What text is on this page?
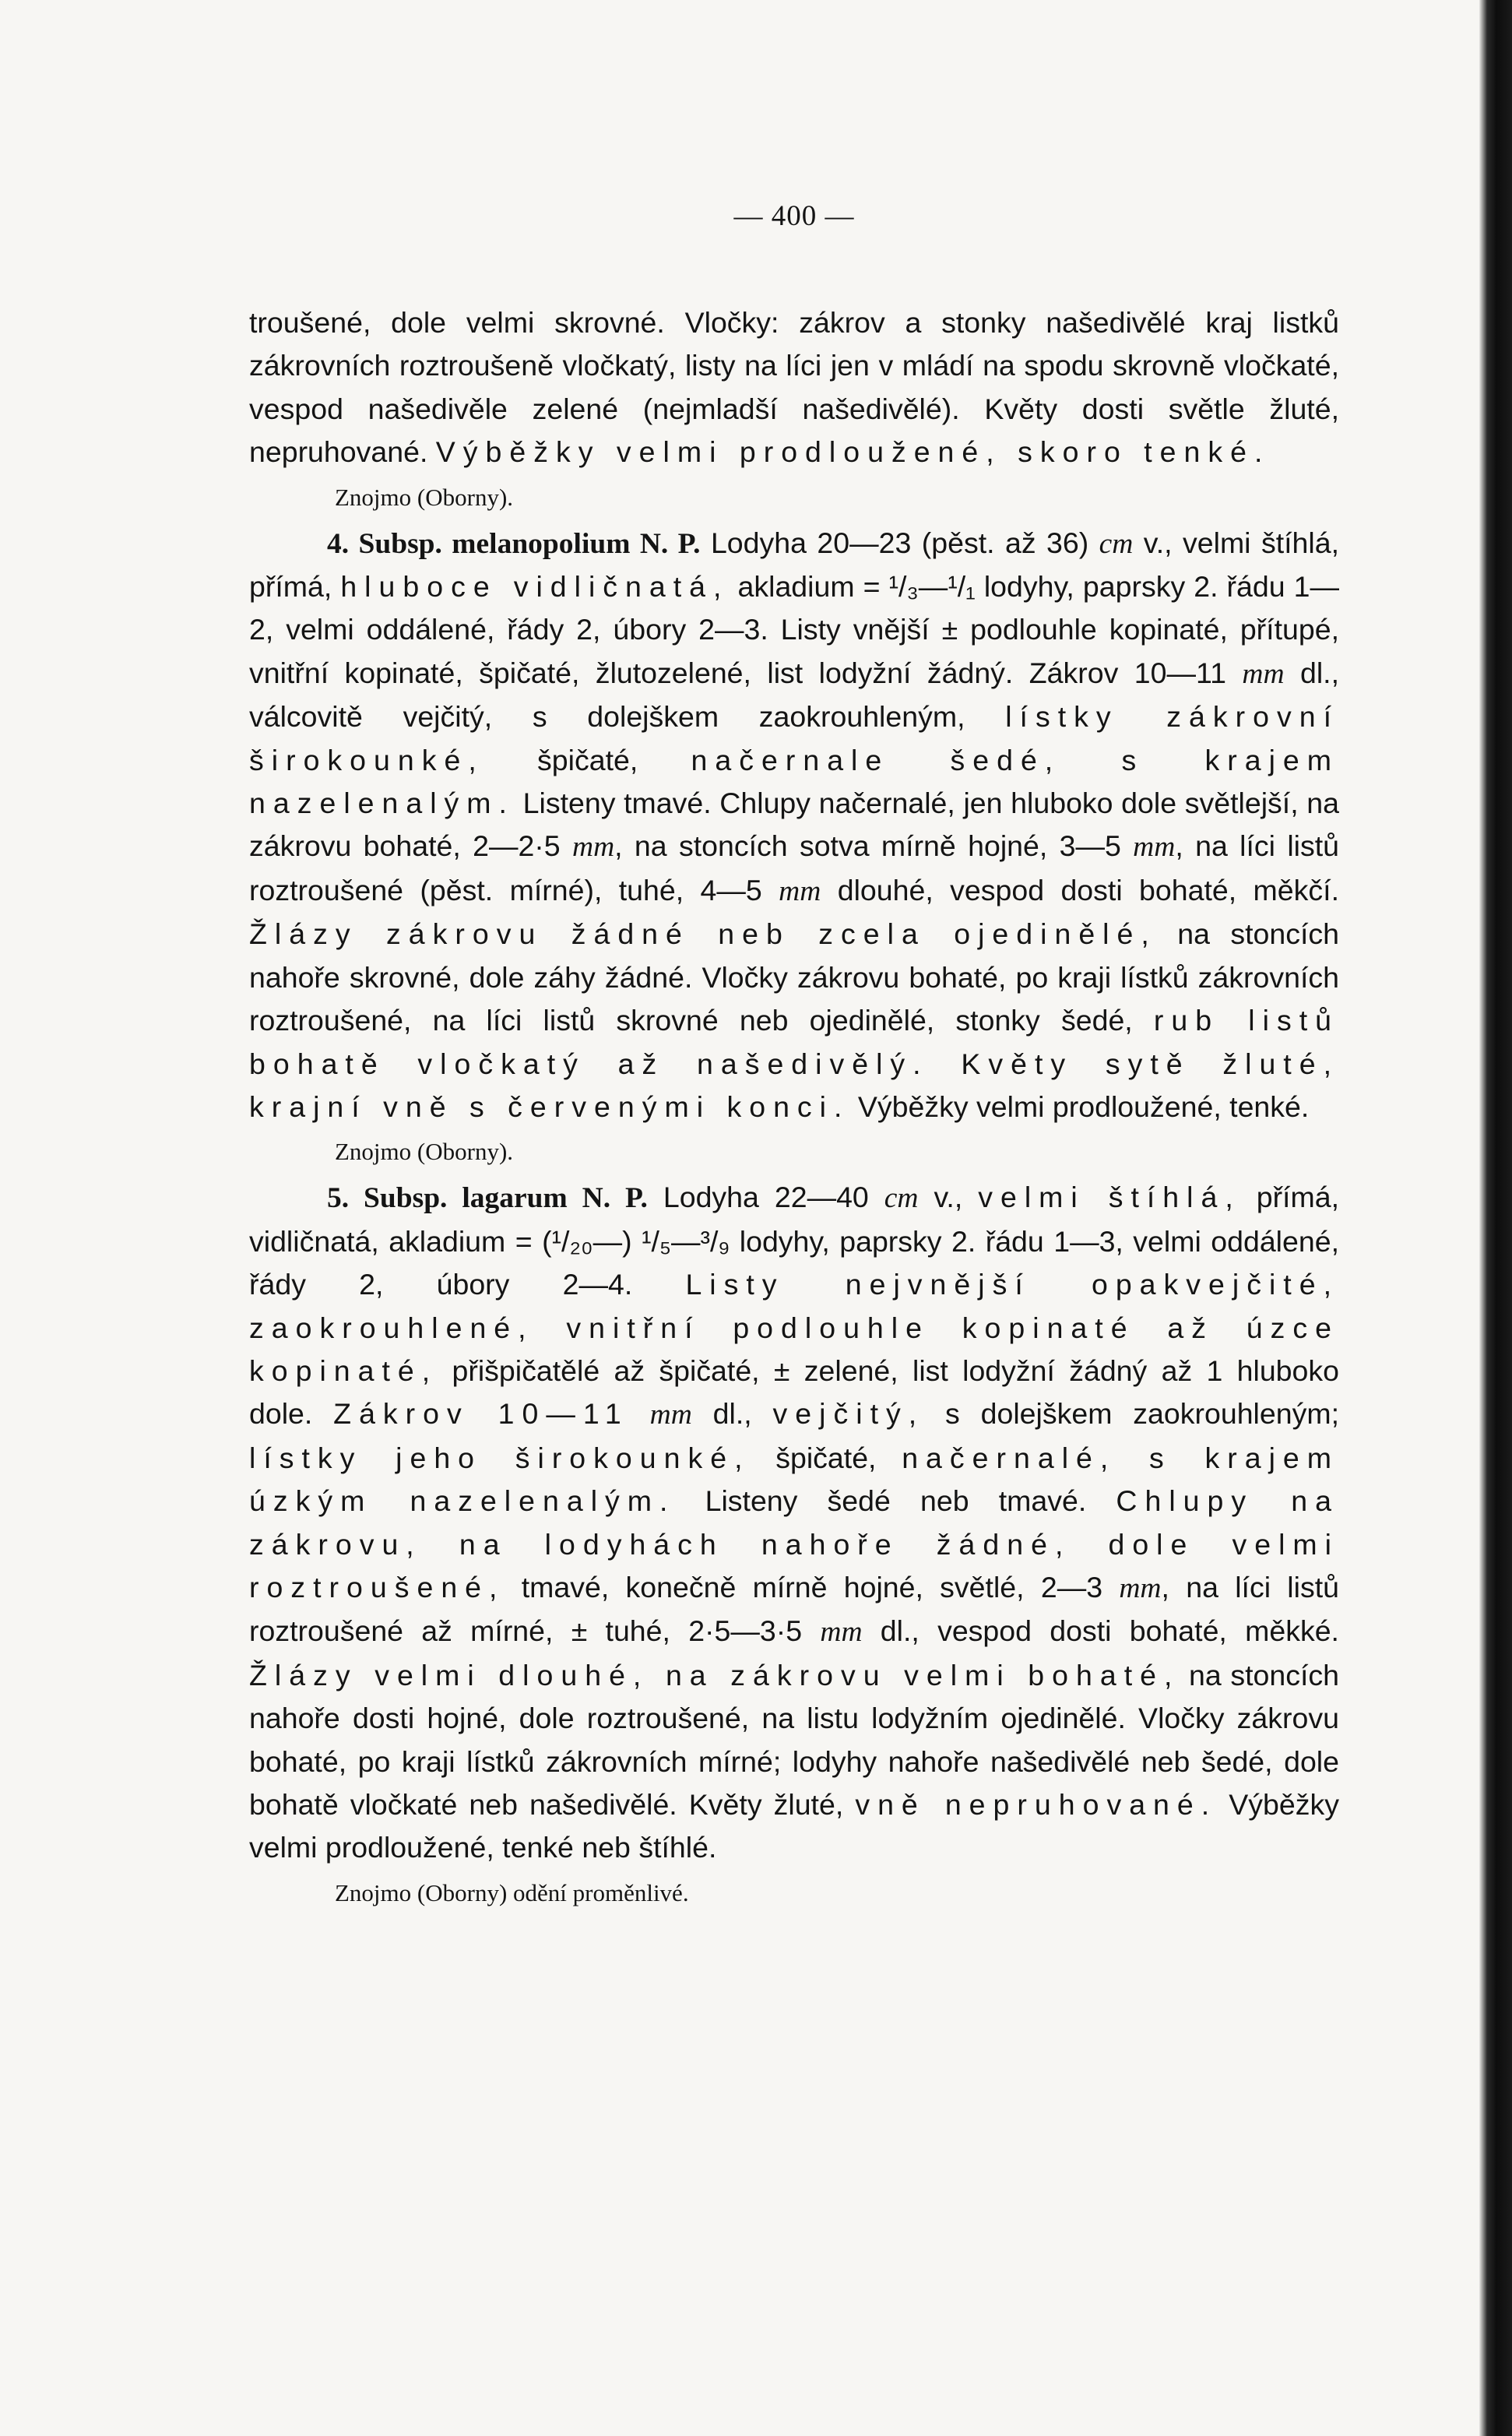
— 400 —

troušené, dole velmi skrovné. Vločky: zákrov a stonky našedivělé kraj listků zákrovních roztroušeně vločkatý, listy na líci jen v mládí na spodu skrovně vločkaté, vespod našedivěle zelené (nejmladší našedivělé). Květy dosti světle žluté, nepruhované. Výběžky velmi prodloužené, skoro tenké.

Znojmo (Oborny).

4. Subsp. melanopolium N. P. Lodyha 20—23 (pěst. až 36) cm v., velmi štíhlá, přímá, hluboce vidličnatá, akladium = ¹/₃—¹/₁ lodyhy, paprsky 2. řádu 1—2, velmi oddálené, řády 2, úbory 2—3. Listy vnější ± podlouhle kopinaté, přítupé, vnitřní kopinaté, špičaté, žlutozelené, list lodyžní žádný. Zákrov 10—11 mm dl., válcovitě vejčitý, s dolejškem zaokrouhleným, lístky zákrovní širokounké, špičaté, načernale šedé, s krajem nazelenalým. Listeny tmavé. Chlupy načernalé, jen hluboko dole světlejší, na zákrovu bohaté, 2—2·5 mm, na stoncích sotva mírně hojné, 3—5 mm, na líci listů roztroušené (pěst. mírné), tuhé, 4—5 mm dlouhé, vespod dosti bohaté, měkčí. Žlázy zákrovu žádné neb zcela ojedinělé, na stoncích nahoře skrovné, dole záhy žádné. Vločky zákrovu bohaté, po kraji lístků zákrovních roztroušené, na líci listů skrovné neb ojedinělé, stonky šedé, rub listů bohatě vločkatý až našedivělý. Květy sytě žluté, krajní vně s červenými konci. Výběžky velmi prodloužené, tenké.

Znojmo (Oborny).

5. Subsp. lagarum N. P. Lodyha 22—40 cm v., velmi štíhlá, přímá, vidličnatá, akladium = (¹/₂₀—) ¹/₅—³/₉ lodyhy, paprsky 2. řádu 1—3, velmi oddálené, řády 2, úbory 2—4. Listy nejvnější opakvejčité, zaokrouhlené, vnitřní podlouhle kopinaté až úzce kopinaté, přišpičatělé až špičaté, ± zelené, list lodyžní žádný až 1 hluboko dole. Zákrov 10—11 mm dl., vejčitý, s dolejškem zaokrouhleným; lístky jeho širokounké, špičaté, načernalé, s krajem úzkým nazelenalým. Listeny šedé neb tmavé. Chlupy na zákrovu, na lodyhách nahoře žádné, dole velmi roztroušené, tmavé, konečně mírně hojné, světlé, 2—3 mm, na líci listů roztroušené až mírné, ± tuhé, 2·5—3·5 mm dl., vespod dosti bohaté, měkké. Žlázy velmi dlouhé, na zákrovu velmi bohaté, na stoncích nahoře dosti hojné, dole roztroušené, na listu lodyžním ojedinělé. Vločky zákrovu bohaté, po kraji lístků zákrovních mírné; lodyhy nahoře našedivělé neb šedé, dole bohatě vločkaté neb našedivělé. Květy žluté, vně nepruhované. Výběžky velmi prodloužené, tenké neb štíhlé.

Znojmo (Oborny) odění proměnlivé.
